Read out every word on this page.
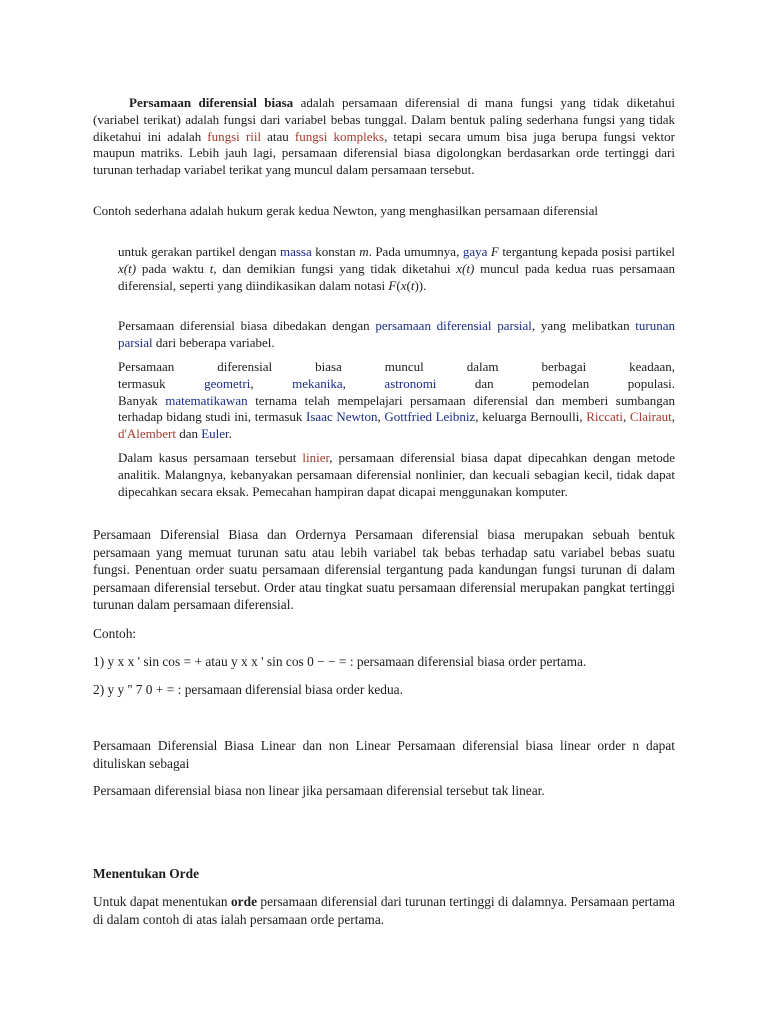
Persamaan diferensial biasa adalah persamaan diferensial di mana fungsi yang tidak diketahui (variabel terikat) adalah fungsi dari variabel bebas tunggal. Dalam bentuk paling sederhana fungsi yang tidak diketahui ini adalah fungsi riil atau fungsi kompleks, tetapi secara umum bisa juga berupa fungsi vektor maupun matriks. Lebih jauh lagi, persamaan diferensial biasa digolongkan berdasarkan orde tertinggi dari turunan terhadap variabel terikat yang muncul dalam persamaan tersebut.

Contoh sederhana adalah hukum gerak kedua Newton, yang menghasilkan persamaan diferensial

untuk gerakan partikel dengan massa konstan m. Pada umumnya, gaya F tergantung kepada posisi partikel x(t) pada waktu t, dan demikian fungsi yang tidak diketahui x(t) muncul pada kedua ruas persamaan diferensial, seperti yang diindikasikan dalam notasi F(x(t)).

Persamaan diferensial biasa dibedakan dengan persamaan diferensial parsial, yang melibatkan turunan parsial dari beberapa variabel.

Persamaan diferensial biasa muncul dalam berbagai keadaan,

termasuk geometri, mekanika, astronomi dan pemodelan populasi.

Banyak matematikawan ternama telah mempelajari persamaan diferensial dan memberi sumbangan terhadap bidang studi ini, termasuk Isaac Newton, Gottfried Leibniz, keluarga Bernoulli, Riccati, Clairaut, d'Alembert dan Euler.

Dalam kasus persamaan tersebut linier, persamaan diferensial biasa dapat dipecahkan dengan metode analitik. Malangnya, kebanyakan persamaan diferensial nonlinier, dan kecuali sebagian kecil, tidak dapat dipecahkan secara eksak. Pemecahan hampiran dapat dicapai menggunakan komputer.

Persamaan Diferensial Biasa dan Ordernya Persamaan diferensial biasa merupakan sebuah bentuk persamaan yang memuat turunan satu atau lebih variabel tak bebas terhadap satu variabel bebas suatu fungsi. Penentuan order suatu persamaan diferensial tergantung pada kandungan fungsi turunan di dalam persamaan diferensial tersebut. Order atau tingkat suatu persamaan diferensial merupakan pangkat tertinggi turunan dalam persamaan diferensial.

Contoh:

1) y x x ' sin cos = + atau y x x ' sin cos 0 − − = : persamaan diferensial biasa order pertama.

2) y y '' 7 0 + = : persamaan diferensial biasa order kedua.

Persamaan Diferensial Biasa Linear dan non Linear Persamaan diferensial biasa linear order n dapat dituliskan sebagai

Persamaan diferensial biasa non linear jika persamaan diferensial tersebut tak linear.

Menentukan Orde

Untuk dapat menentukan orde persamaan diferensial dari turunan tertinggi di dalamnya. Persamaan pertama di dalam contoh di atas ialah persamaan orde pertama.
